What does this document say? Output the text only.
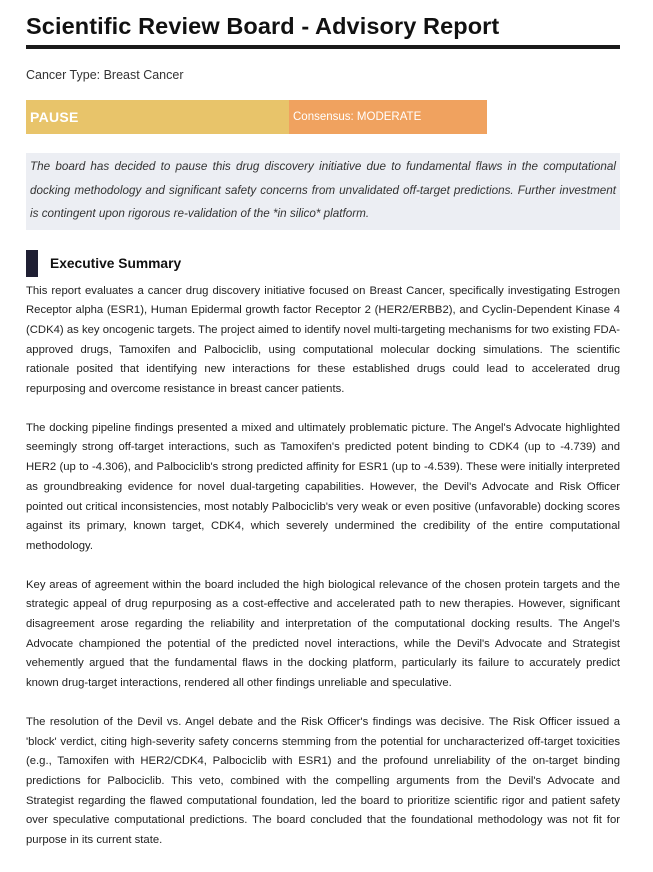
Scientific Review Board - Advisory Report
Cancer Type: Breast Cancer
PAUSE	Consensus: MODERATE
The board has decided to pause this drug discovery initiative due to fundamental flaws in the computational docking methodology and significant safety concerns from unvalidated off-target predictions. Further investment is contingent upon rigorous re-validation of the *in silico* platform.
Executive Summary

This report evaluates a cancer drug discovery initiative focused on Breast Cancer, specifically investigating Estrogen Receptor alpha (ESR1), Human Epidermal growth factor Receptor 2 (HER2/ERBB2), and Cyclin-Dependent Kinase 4 (CDK4) as key oncogenic targets. The project aimed to identify novel multi-targeting mechanisms for two existing FDA-approved drugs, Tamoxifen and Palbociclib, using computational molecular docking simulations. The scientific rationale posited that identifying new interactions for these established drugs could lead to accelerated drug repurposing and overcome resistance in breast cancer patients.

The docking pipeline findings presented a mixed and ultimately problematic picture. The Angel's Advocate highlighted seemingly strong off-target interactions, such as Tamoxifen's predicted potent binding to CDK4 (up to -4.739) and HER2 (up to -4.306), and Palbociclib's strong predicted affinity for ESR1 (up to -4.539). These were initially interpreted as groundbreaking evidence for novel dual-targeting capabilities. However, the Devil's Advocate and Risk Officer pointed out critical inconsistencies, most notably Palbociclib's very weak or even positive (unfavorable) docking scores against its primary, known target, CDK4, which severely undermined the credibility of the entire computational methodology.

Key areas of agreement within the board included the high biological relevance of the chosen protein targets and the strategic appeal of drug repurposing as a cost-effective and accelerated path to new therapies. However, significant disagreement arose regarding the reliability and interpretation of the computational docking results. The Angel's Advocate championed the potential of the predicted novel interactions, while the Devil's Advocate and Strategist vehemently argued that the fundamental flaws in the docking platform, particularly its failure to accurately predict known drug-target interactions, rendered all other findings unreliable and speculative.

The resolution of the Devil vs. Angel debate and the Risk Officer's findings was decisive. The Risk Officer issued a 'block' verdict, citing high-severity safety concerns stemming from the potential for uncharacterized off-target toxicities (e.g., Tamoxifen with HER2/CDK4, Palbociclib with ESR1) and the profound unreliability of the on-target binding predictions for Palbociclib. This veto, combined with the compelling arguments from the Devil's Advocate and Strategist regarding the flawed computational foundation, led the board to prioritize scientific rigor and patient safety over speculative computational predictions. The board concluded that the foundational methodology was not fit for purpose in its current state.
